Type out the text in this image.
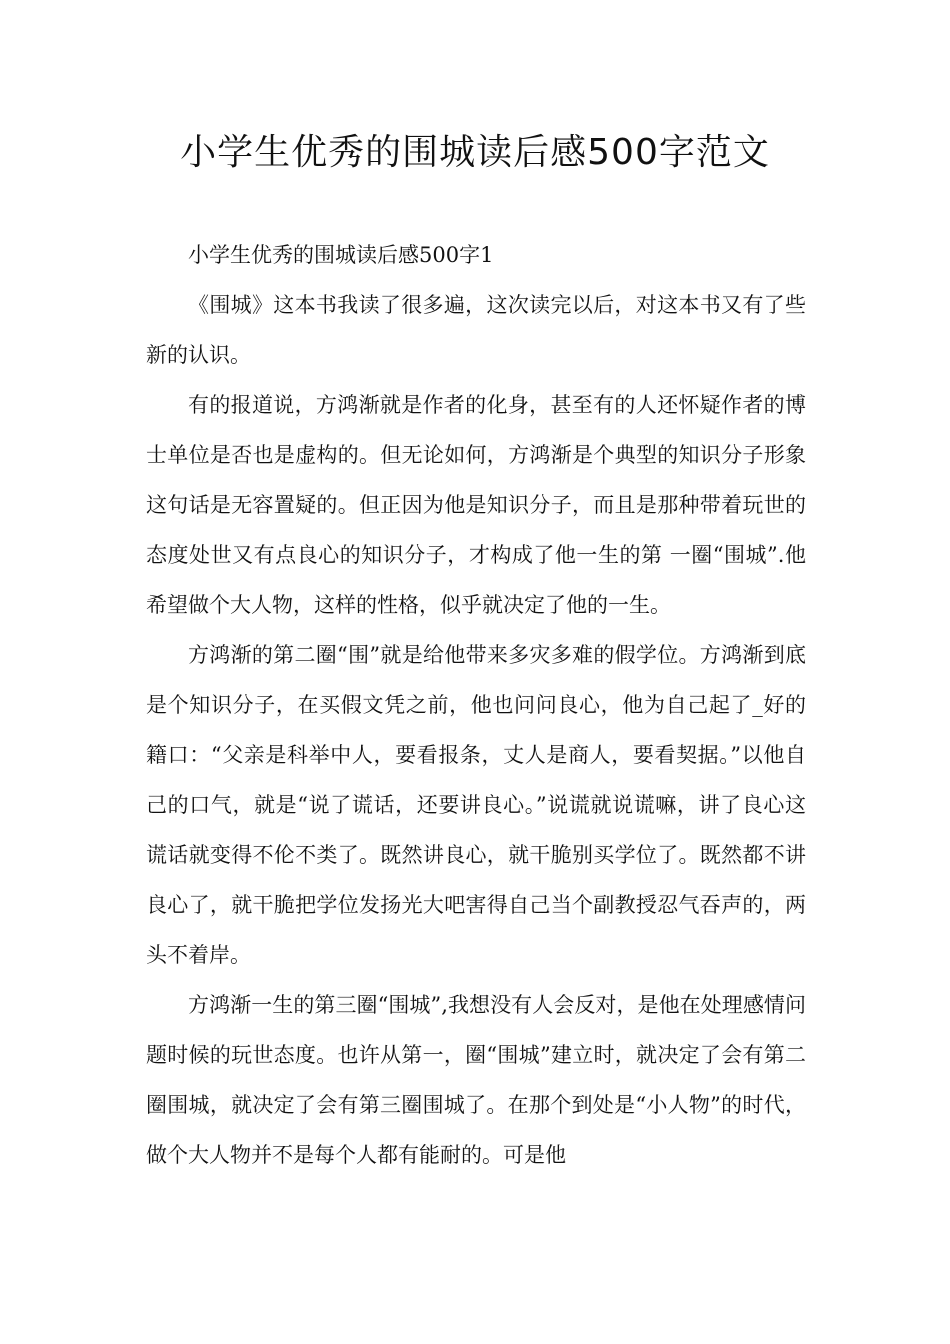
小学生优秀的围城读后感500字范文

小学生优秀的围城读后感500字1

《围城》这本书我读了很多遍，这次读完以后，对这本书又有了些新的认识。

有的报道说，方鸿渐就是作者的化身，甚至有的人还怀疑作者的博士单位是否也是虚构的。但无论如何，方鸿渐是个典型的知识分子形象这句话是无容置疑的。但正因为他是知识分子，而且是那种带着玩世的态度处世又有点良心的知识分子，才构成了他一生的第 一圈“围城”.他希望做个大人物，这样的性格，似乎就决定了他的一生。

方鸿渐的第二圈“围”就是给他带来多灾多难的假学位。方鸿渐到底是个知识分子，在买假文凭之前，他也问问良心，他为自己起了_好的籍口：“父亲是科举中人，要看报条，丈人是商人，要看契据。”以他自己的口气，就是“说了谎话，还要讲良心。”说谎就说谎嘛，讲了良心这谎话就变得不伦不类了。既然讲良心，就干脆别买学位了。既然都不讲良心了，就干脆把学位发扬光大吧害得自己当个副教授忍气吞声的，两头不着岸。

方鸿渐一生的第三圈“围城”,我想没有人会反对，是他在处理感情问题时候的玩世态度。也许从第一，圈“围城”建立时，就决定了会有第二圈围城，就决定了会有第三圈围城了。在那个到处是“小人物”的时代，做个大人物并不是每个人都有能耐的。可是他
